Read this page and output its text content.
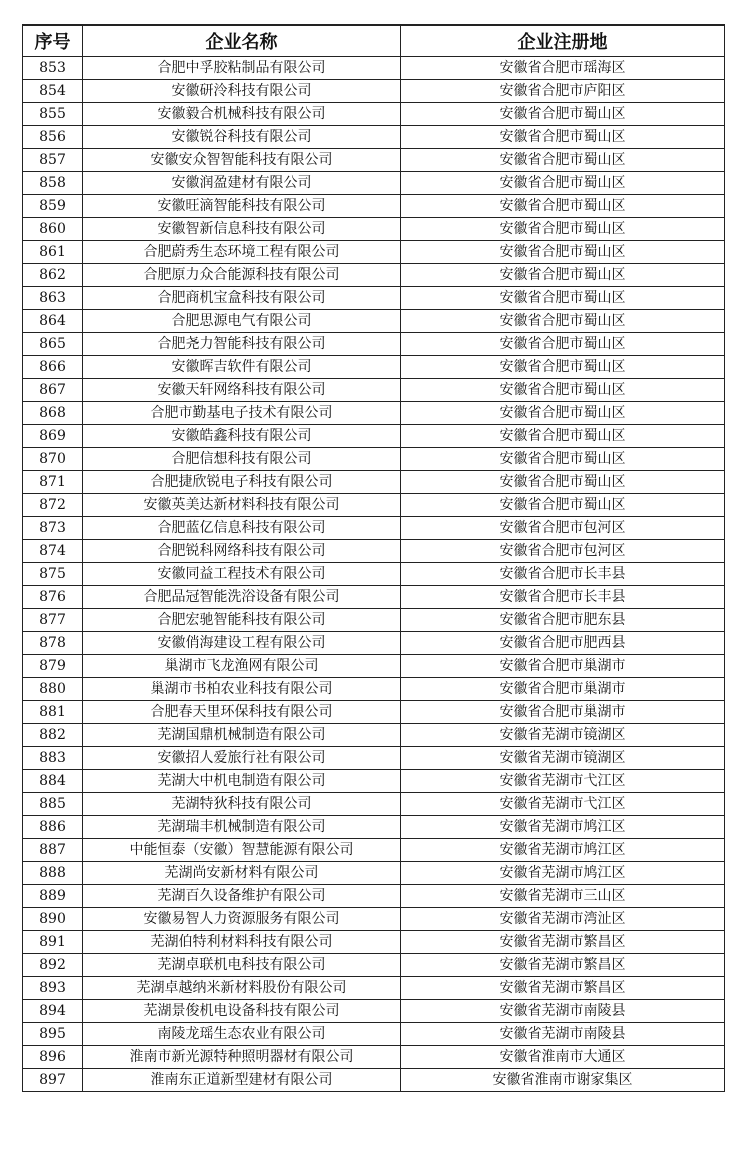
序号	企业名称	企业注册地
853	合肥中孚胶粘制品有限公司	安徽省合肥市瑶海区
854	安徽研泠科技有限公司	安徽省合肥市庐阳区
855	安徽毅合机械科技有限公司	安徽省合肥市蜀山区
856	安徽锐谷科技有限公司	安徽省合肥市蜀山区
857	安徽安众智智能科技有限公司	安徽省合肥市蜀山区
858	安徽润盈建材有限公司	安徽省合肥市蜀山区
859	安徽旺滴智能科技有限公司	安徽省合肥市蜀山区
860	安徽智新信息科技有限公司	安徽省合肥市蜀山区
861	合肥蔚秀生态环境工程有限公司	安徽省合肥市蜀山区
862	合肥原力众合能源科技有限公司	安徽省合肥市蜀山区
863	合肥商机宝盒科技有限公司	安徽省合肥市蜀山区
864	合肥思源电气有限公司	安徽省合肥市蜀山区
865	合肥尧力智能科技有限公司	安徽省合肥市蜀山区
866	安徽晖吉软件有限公司	安徽省合肥市蜀山区
867	安徽天轩网络科技有限公司	安徽省合肥市蜀山区
868	合肥市勤基电子技术有限公司	安徽省合肥市蜀山区
869	安徽皓鑫科技有限公司	安徽省合肥市蜀山区
870	合肥信想科技有限公司	安徽省合肥市蜀山区
871	合肥捷欣锐电子科技有限公司	安徽省合肥市蜀山区
872	安徽英美达新材料科技有限公司	安徽省合肥市蜀山区
873	合肥蓝亿信息科技有限公司	安徽省合肥市包河区
874	合肥锐科网络科技有限公司	安徽省合肥市包河区
875	安徽同益工程技术有限公司	安徽省合肥市长丰县
876	合肥品冠智能洗浴设备有限公司	安徽省合肥市长丰县
877	合肥宏驰智能科技有限公司	安徽省合肥市肥东县
878	安徽俏海建设工程有限公司	安徽省合肥市肥西县
879	巢湖市飞龙渔网有限公司	安徽省合肥市巢湖市
880	巢湖市书柏农业科技有限公司	安徽省合肥市巢湖市
881	合肥春天里环保科技有限公司	安徽省合肥市巢湖市
882	芜湖国鼎机械制造有限公司	安徽省芜湖市镜湖区
883	安徽招人爱旅行社有限公司	安徽省芜湖市镜湖区
884	芜湖大中机电制造有限公司	安徽省芜湖市弋江区
885	芜湖特狄科技有限公司	安徽省芜湖市弋江区
886	芜湖瑞丰机械制造有限公司	安徽省芜湖市鸠江区
887	中能恒泰（安徽）智慧能源有限公司	安徽省芜湖市鸠江区
888	芜湖尚安新材料有限公司	安徽省芜湖市鸠江区
889	芜湖百久设备维护有限公司	安徽省芜湖市三山区
890	安徽易智人力资源服务有限公司	安徽省芜湖市湾沚区
891	芜湖伯特利材料科技有限公司	安徽省芜湖市繁昌区
892	芜湖卓联机电科技有限公司	安徽省芜湖市繁昌区
893	芜湖卓越纳米新材料股份有限公司	安徽省芜湖市繁昌区
894	芜湖景俊机电设备科技有限公司	安徽省芜湖市南陵县
895	南陵龙瑶生态农业有限公司	安徽省芜湖市南陵县
896	淮南市新光源特种照明器材有限公司	安徽省淮南市大通区
897	淮南东正道新型建材有限公司	安徽省淮南市谢家集区
